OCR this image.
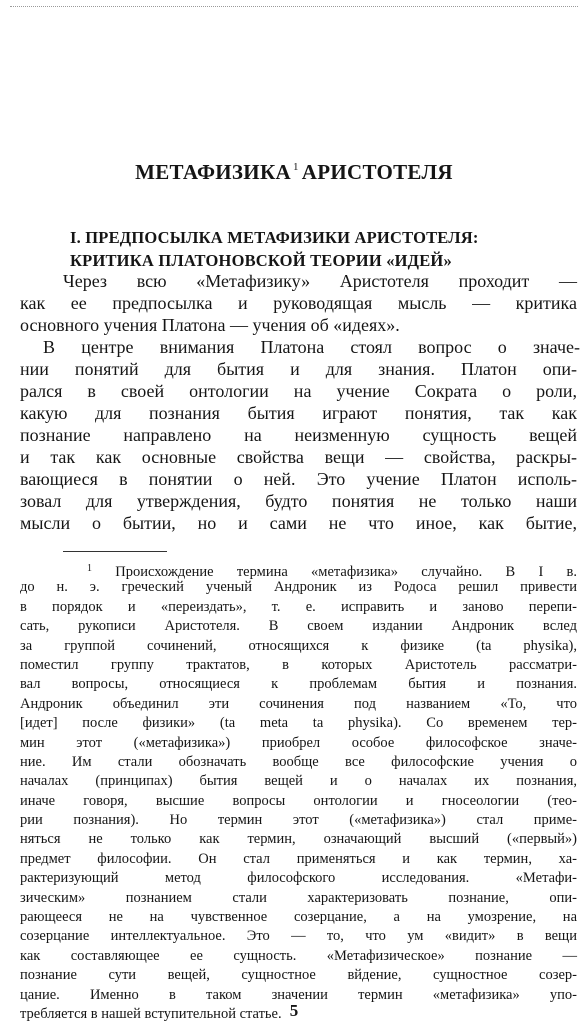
МЕТАФИЗИКА $^1$ АРИСТОТЕЛЯ
I. ПРЕДПОСЫЛКА МЕТАФИЗИКИ АРИСТОТЕЛЯ:
КРИТИКА ПЛАТОНОВСКОЙ ТЕОРИИ «ИДЕЙ»
Через всю «Метафизику» Аристотеля проходит —
как ее предпосылка и руководящая мысль — критика
основного учения Платона — учения об «идеях».
В центре внимания Платона стоял вопрос о значе-
нии понятий для бытия и для знания. Платон опи-
рался в своей онтологии на учение Сократа о роли,
какую для познания бытия играют понятия, так как
познание направлено на неизменную сущность вещей
и так как основные свойства вещи — свойства, раскры-
вающиеся в понятии о ней. Это учение Платон исполь-
зовал для утверждения, будто понятия не только наши
мысли о бытии, но и сами не что иное, как бытие,
$^1$ Происхождение термина «метафизика» случайно. В I в.
до н. э. греческий ученый Андроник из Родоса решил привести
в порядок и «переиздать», т. е. исправить и заново перепи-
сать, рукописи Аристотеля. В своем издании Андроник вслед
за группой сочинений, относящихся к физике (ta physika),
поместил группу трактатов, в которых Аристотель рассматри-
вал вопросы, относящиеся к проблемам бытия и познания.
Андроник объединил эти сочинения под названием «То, что
[идет] после физики» (ta meta ta physika). Со временем тер-
мин этот («метафизика») приобрел особое философское значе-
ние. Им стали обозначать вообще все философские учения о
началах (принципах) бытия вещей и о началах их познания,
иначе говоря, высшие вопросы онтологии и гносеологии (теo-
рии познания). Но термин этот («метафизика») стал приме-
няться не только как термин, означающий высший («первый»)
предмет философии. Он стал применяться и как термин, ха-
рактеризующий метод философского исследования. «Метафи-
зическим» познанием стали характеризовать познание, опи-
рающееся не на чувственное созерцание, а на умозрение, на
созерцание интеллектуальное. Это — то, что ум «видит» в вещи
как составляющее ее сущность. «Метафизическое» познание —
познание сути вещей, сущностное вйдение, сущностное созер-
цание. Именно в таком значении термин «метафизика» упо-
требляется в нашей вступительной статье. 5
